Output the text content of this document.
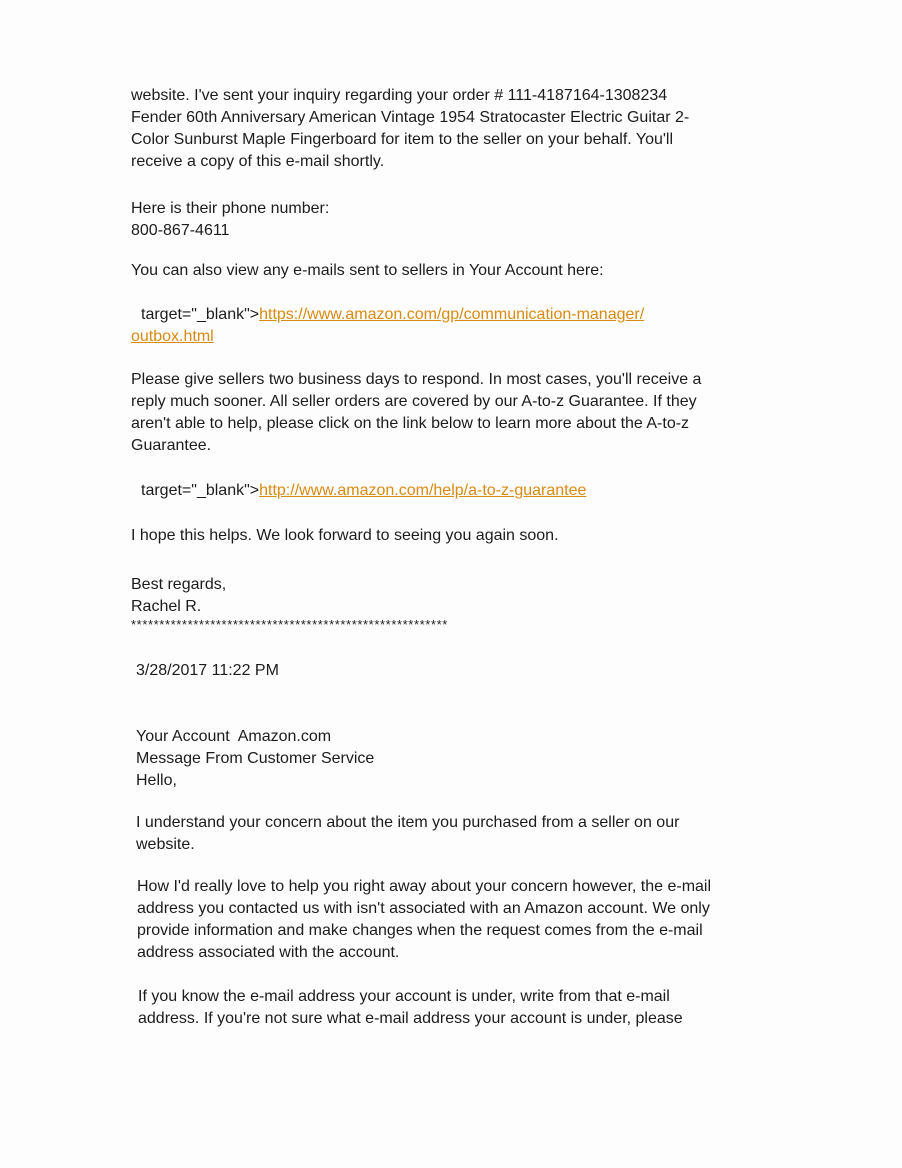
website. I've sent your inquiry regarding your order # 111-4187164-1308234
Fender 60th Anniversary American Vintage 1954 Stratocaster Electric Guitar 2-
Color Sunburst Maple Fingerboard for item to the seller on your behalf. You'll
receive a copy of this e-mail shortly.
Here is their phone number:
800-867-4611
You can also view any e-mails sent to sellers in Your Account here:
target="_blank">https://www.amazon.com/gp/communication-manager/
outbox.html
Please give sellers two business days to respond. In most cases, you'll receive a
reply much sooner. All seller orders are covered by our A-to-z Guarantee. If they
aren't able to help, please click on the link below to learn more about the A-to-z
Guarantee.
target="_blank">http://www.amazon.com/help/a-to-z-guarantee
I hope this helps. We look forward to seeing you again soon.
Best regards,
Rachel R.
********************************************************
3/28/2017 11:22 PM
Your Account  Amazon.com
Message From Customer Service
Hello,
I understand your concern about the item you purchased from a seller on our
website.
How I'd really love to help you right away about your concern however, the e-mail
address you contacted us with isn't associated with an Amazon account. We only
provide information and make changes when the request comes from the e-mail
address associated with the account.
If you know the e-mail address your account is under, write from that e-mail
address. If you're not sure what e-mail address your account is under, please
